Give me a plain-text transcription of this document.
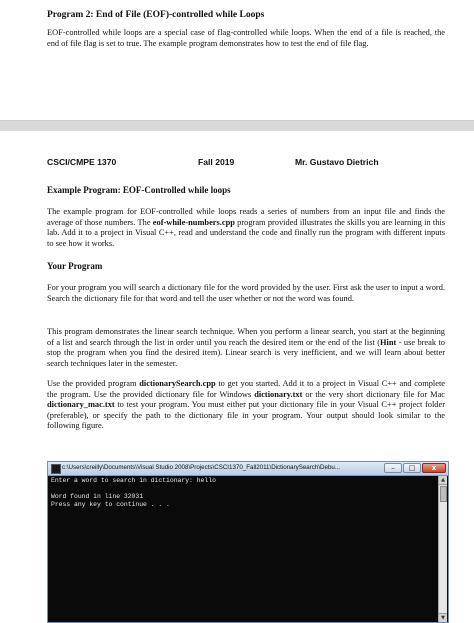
Program 2: End of File (EOF)-controlled while Loops

EOF-controlled while loops are a special case of flag-controlled while loops. When the end of a file is reached, the end of file flag is set to true. The example program demonstrates how to test the end of file flag.

CSCI/CMPE 1370	Fall 2019	Mr. Gustavo Dietrich

Example Program: EOF-Controlled while loops

The example program for EOF-controlled while loops reads a series of numbers from an input file and finds the average of those numbers. The eof-while-numbers.cpp program provided illustrates the skills you are learning in this lab. Add it to a project in Visual C++, read and understand the code and finally run the program with different inputs to see how it works.

Your Program

For your program you will search a dictionary file for the word provided by the user. First ask the user to input a word. Search the dictionary file for that word and tell the user whether or not the word was found.

This program demonstrates the linear search technique. When you perform a linear search, you start at the beginning of a list and search through the list in order until you reach the desired item or the end of the list (Hint - use break to stop the program when you find the desired item). Linear search is very inefficient, and we will learn about better search techniques later in the semester.

Use the provided program dictionarySearch.cpp to get you started. Add it to a project in Visual C++ and complete the program. Use the provided dictionary file for Windows dictionary.txt or the very short dictionary file for Mac dictionary_mac.txt to test your program. You must either put your dictionary file in your Visual C++ project folder (preferable), or specify the path to the dictionary file in your program. Your output should look similar to the following figure.

c:\Users\creilly\Documents\Visual Studio 2008\Projects\CSCI1370_Fall2011\DictionarySearch\Debu...	–	□	x
Enter a word to search in dictionary: hello
Word found in line 32031
Press any key to continue . . .
▲
▼
